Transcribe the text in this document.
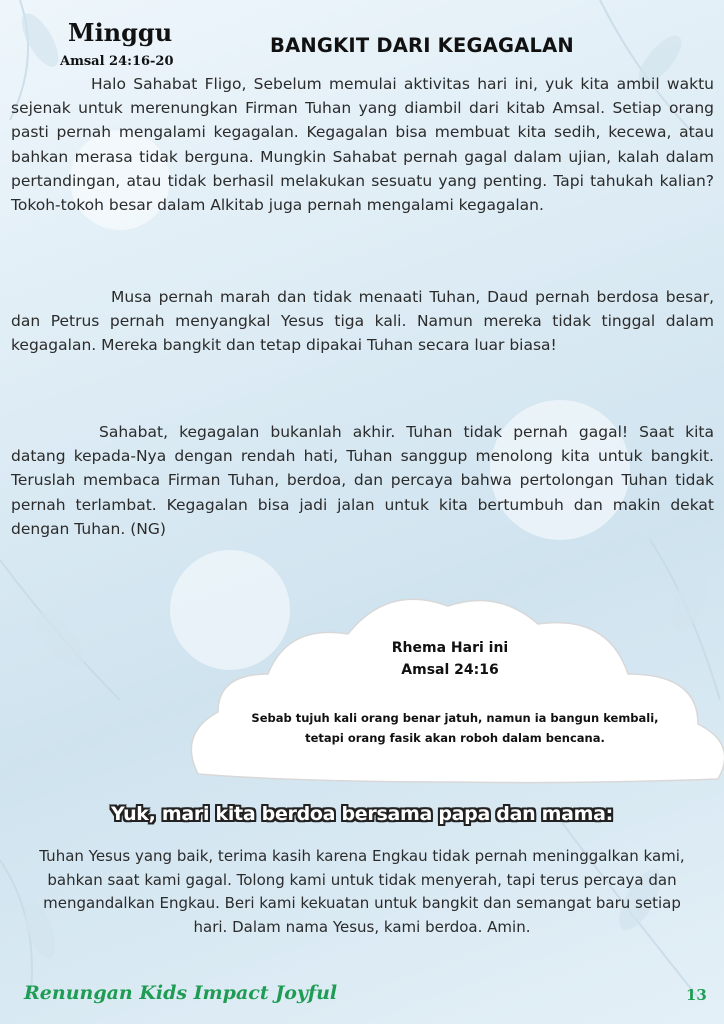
Minggu
Amsal 24:16-20
BANGKIT DARI KEGAGALAN
Halo Sahabat Fligo, Sebelum memulai aktivitas hari ini, yuk kita ambil waktu sejenak untuk merenungkan Firman Tuhan yang diambil dari kitab Amsal. Setiap orang pasti pernah mengalami kegagalan. Kegagalan bisa membuat kita sedih, kecewa, atau bahkan merasa tidak berguna. Mungkin Sahabat pernah gagal dalam ujian, kalah dalam pertandingan, atau tidak berhasil melakukan sesuatu yang penting. Tapi tahukah kalian? Tokoh-tokoh besar dalam Alkitab juga pernah mengalami kegagalan.
Musa pernah marah dan tidak menaati Tuhan, Daud pernah berdosa besar, dan Petrus pernah menyangkal Yesus tiga kali. Namun mereka tidak tinggal dalam kegagalan. Mereka bangkit dan tetap dipakai Tuhan secara luar biasa!
Sahabat, kegagalan bukanlah akhir. Tuhan tidak pernah gagal! Saat kita datang kepada-Nya dengan rendah hati, Tuhan sanggup menolong kita untuk bangkit. Teruslah membaca Firman Tuhan, berdoa, dan percaya bahwa pertolongan Tuhan tidak pernah terlambat. Kegagalan bisa jadi jalan untuk kita bertumbuh dan makin dekat dengan Tuhan. (NG)
Rhema Hari ini
Amsal 24:16
Sebab tujuh kali orang benar jatuh, namun ia bangun kembali,
tetapi orang fasik akan roboh dalam bencana.
Yuk, mari kita berdoa bersama papa dan mama:
Tuhan Yesus yang baik, terima kasih karena Engkau tidak pernah meninggalkan kami, bahkan saat kami gagal. Tolong kami untuk tidak menyerah, tapi terus percaya dan mengandalkan Engkau. Beri kami kekuatan untuk bangkit dan semangat baru setiap hari. Dalam nama Yesus, kami berdoa. Amin.
Renungan Kids Impact Joyful	13
